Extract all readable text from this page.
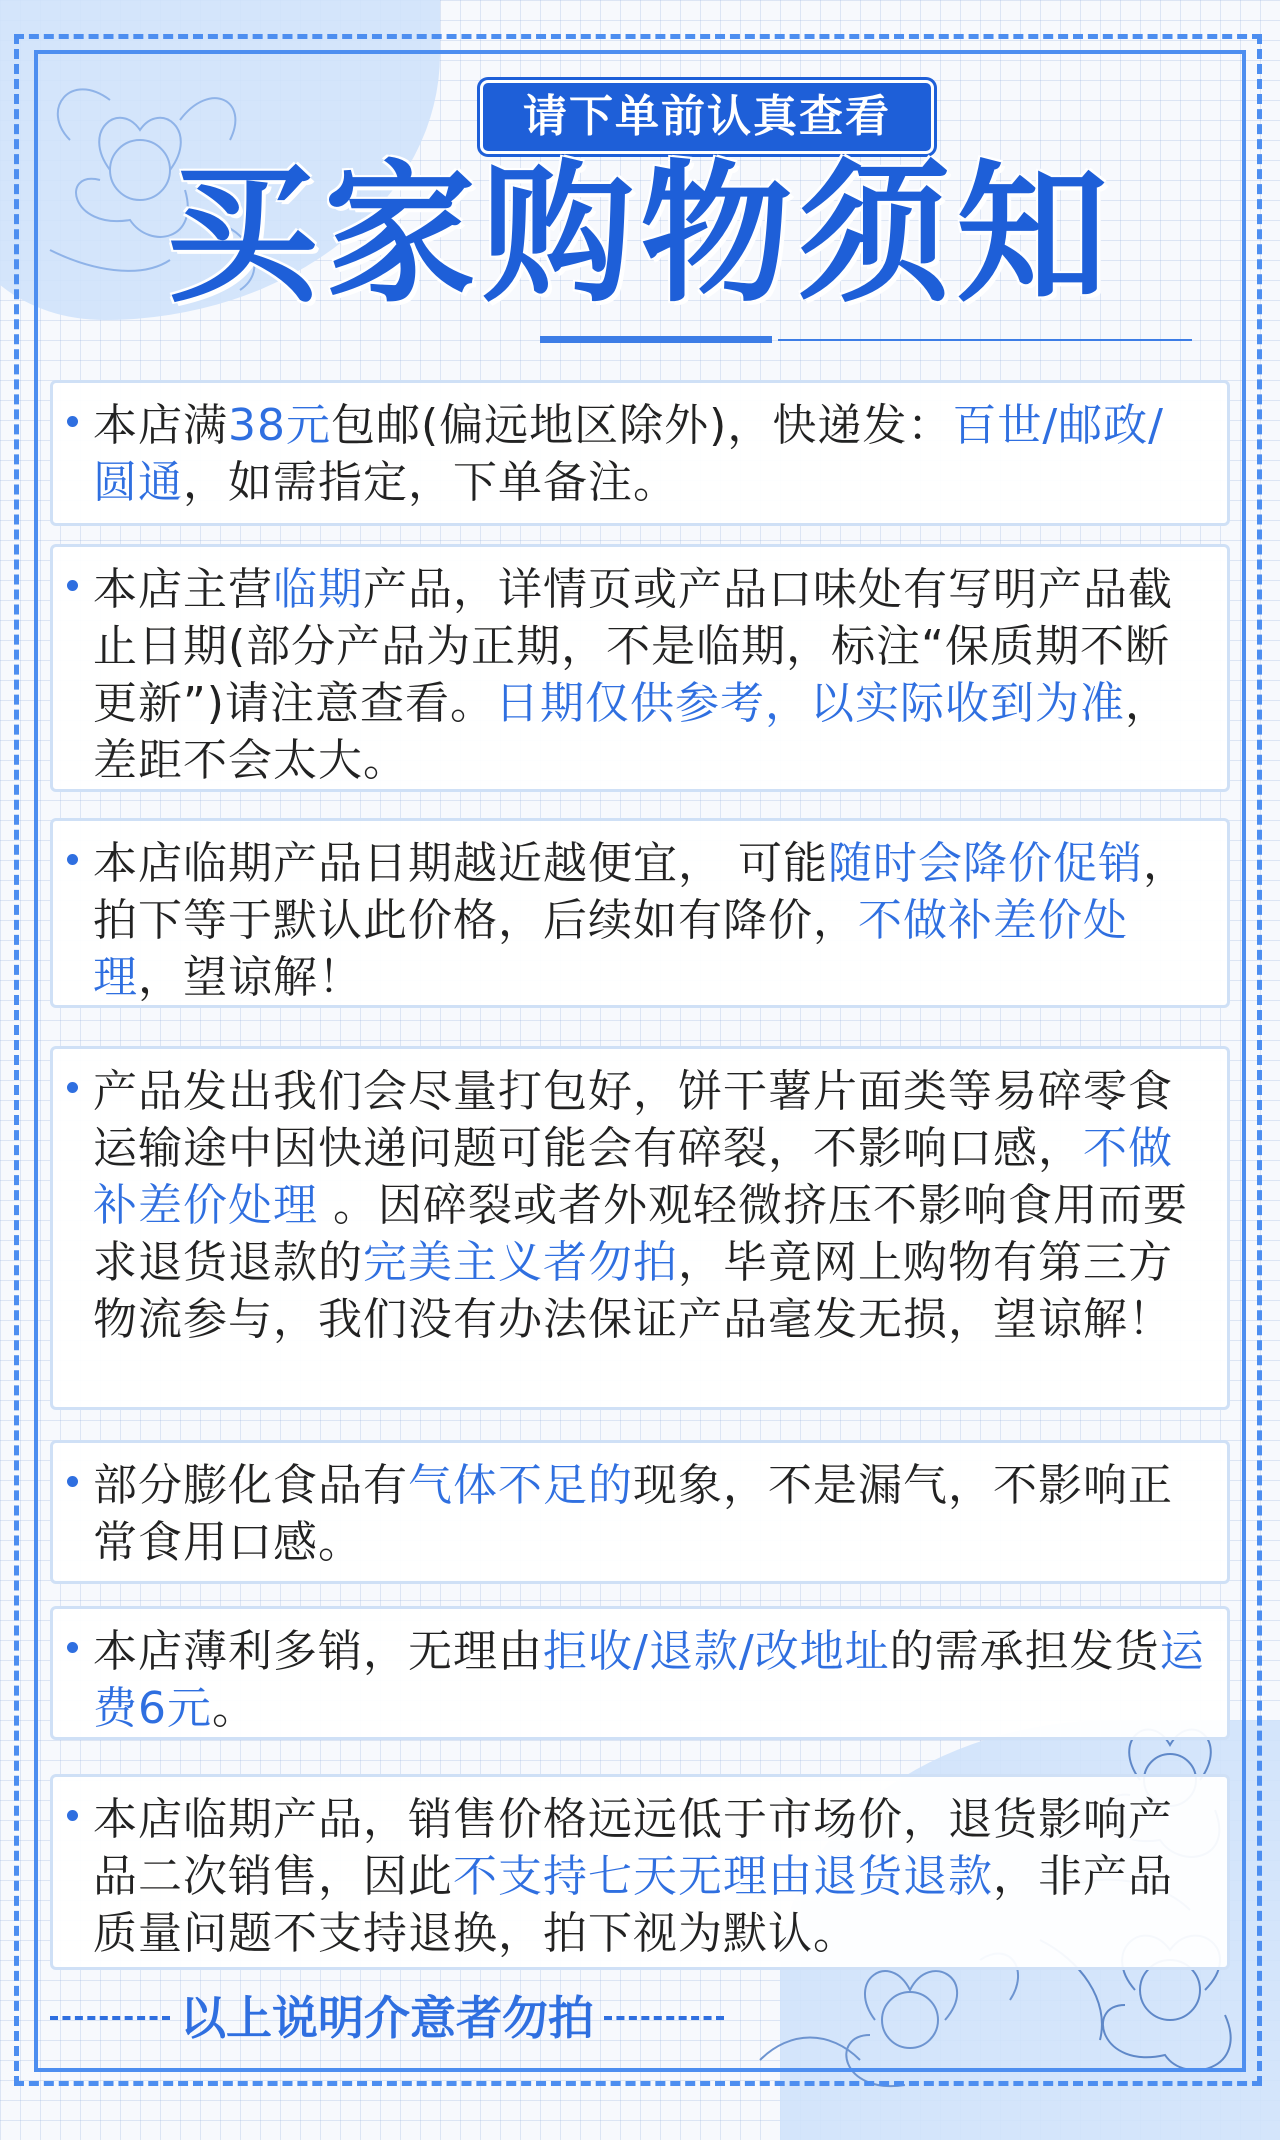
请下单前认真查看
买家购物须知
本店满38元包邮(偏远地区除外)，快递发：百世/邮政/圆通，如需指定，下单备注。
本店主营临期产品，详情页或产品口味处有写明产品截止日期(部分产品为正期，不是临期，标注“保质期不断更新”)请注意查看。日期仅供参考，以实际收到为准，差距不会太大。
本店临期产品日期越近越便宜， 可能随时会降价促销，拍下等于默认此价格，后续如有降价，不做补差价处理，望谅解！
产品发出我们会尽量打包好，饼干薯片面类等易碎零食运输途中因快递问题可能会有碎裂，不影响口感，不做补差价处理 。因碎裂或者外观轻微挤压不影响食用而要求退货退款的完美主义者勿拍，毕竟网上购物有第三方物流参与，我们没有办法保证产品毫发无损，望谅解！
部分膨化食品有气体不足的现象，不是漏气，不影响正常食用口感。
本店薄利多销，无理由拒收/退款/改地址的需承担发货运费6元。
本店临期产品，销售价格远远低于市场价，退货影响产品二次销售，因此不支持七天无理由退货退款，非产品质量问题不支持退换，拍下视为默认。
以上说明介意者勿拍
